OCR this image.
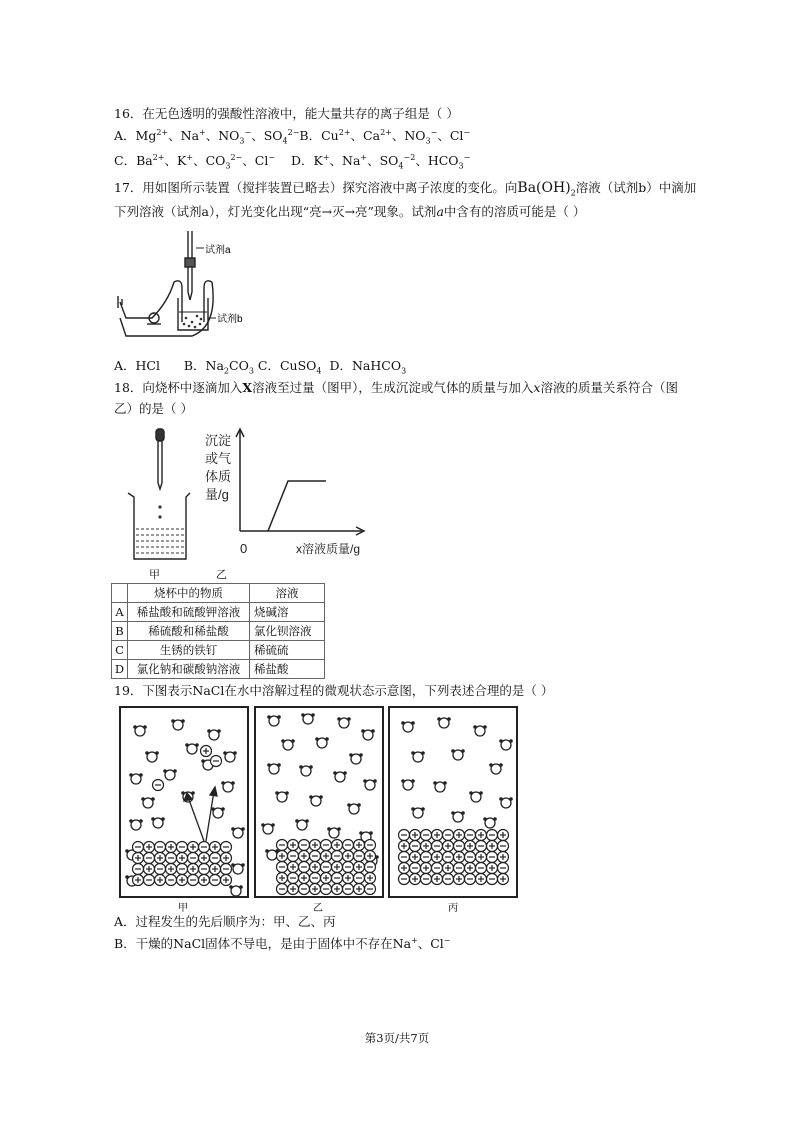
16．在无色透明的强酸性溶液中，能大量共存的离子组是（ ）
A．$Mg^{2+}$、Na+、$NO_3^-$、$SO_4^{2-}B$．$Cu^{2+}$、$Ca^{2+}$、$NO_3^-$、Cl−
C．$Ba^{2+}$、K+、$CO_3^{2-}$、Cl− D．K+、Na+、$SO_4^{-2}$、$HCO_3^-$
17．用如图所示装置（搅拌装置已略去）探究溶液中离子浓度的变化。向$Ba(OH)_2$溶液（试剂b）中滴加
下列溶液（试剂a），灯光变化出现“亮→灭→亮”现象。试剂a中含有的溶质可能是（ ）
试剂a
试剂b
A．HCl B．$Na_2CO_3$ C．CuSO$_4$ D．NaHCO$_3$
18．向烧杯中逐滴加入X溶液至过量（图甲），生成沉淀或气体的质量与加入x溶液的质量关系符合（图
乙）的是（ ）
沉淀
或气
体质
量/g
0	x溶液质量/g
甲	乙
	烧杯中的物质	溶液
A	稀盐酸和硫酸钾溶液	烧碱溶
B	稀硫酸和稀盐酸	氯化钡溶液
C	生锈的铁钉	稀硫硫
D	氯化钠和碳酸钠溶液	稀盐酸
19．下图表示NaCl在水中溶解过程的微观状态示意图，下列表述合理的是（ ）
甲	乙	丙
A．过程发生的先后顺序为：甲、乙、丙
B．干燥的NaCl固体不导电，是由于固体中不存在Na+、Cl−
第3页/共7页
